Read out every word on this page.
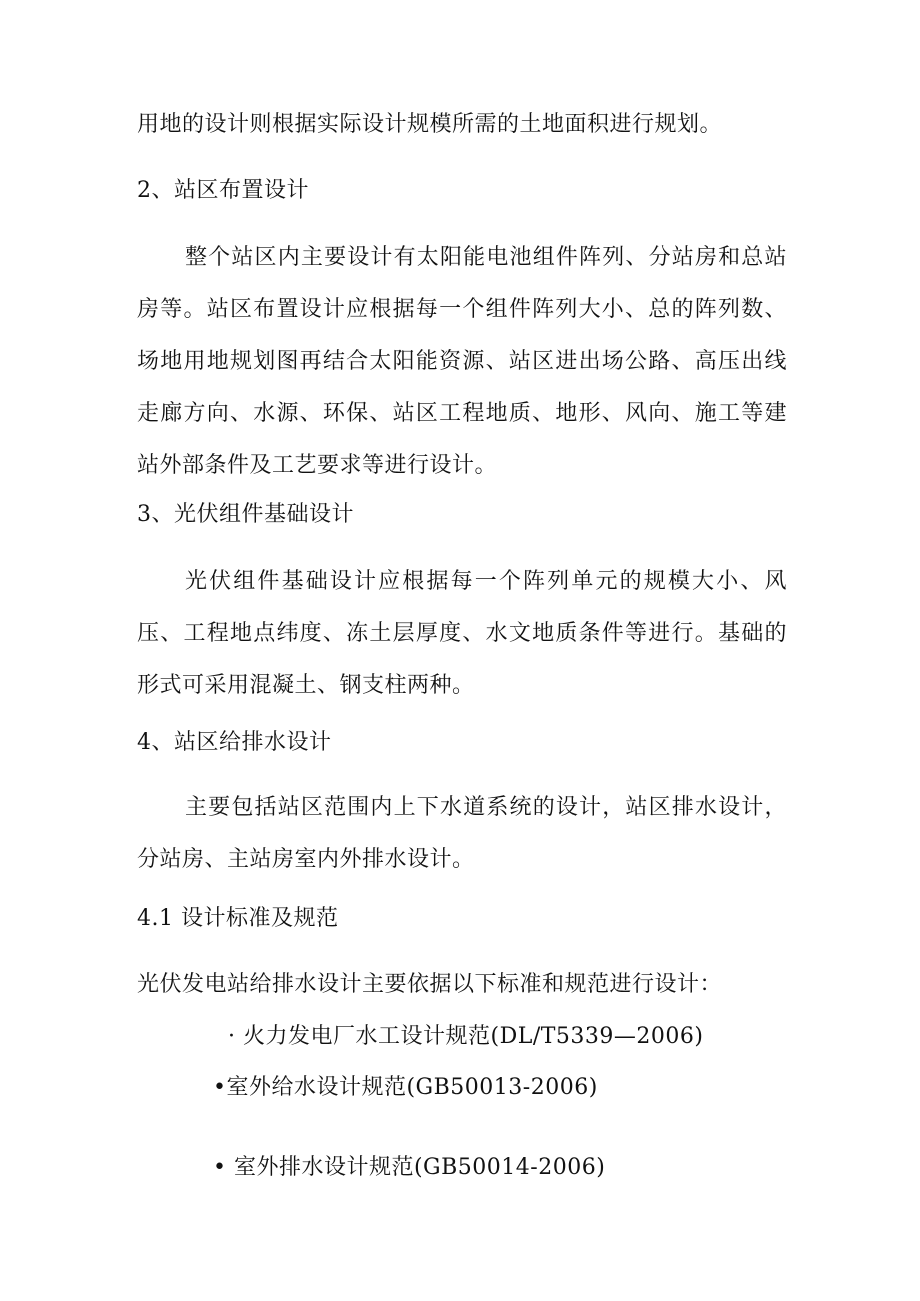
用地的设计则根据实际设计规模所需的土地面积进行规划。
2、站区布置设计
整个站区内主要设计有太阳能电池组件阵列、分站房和总站房等。站区布置设计应根据每一个组件阵列大小、总的阵列数、场地用地规划图再结合太阳能资源、站区进出场公路、高压出线走廊方向、水源、环保、站区工程地质、地形、风向、施工等建站外部条件及工艺要求等进行设计。
3、光伏组件基础设计
光伏组件基础设计应根据每一个阵列单元的规模大小、风压、工程地点纬度、冻土层厚度、水文地质条件等进行。基础的形式可采用混凝土、钢支柱两种。
4、站区给排水设计
主要包括站区范围内上下水道系统的设计，站区排水设计，分站房、主站房室内外排水设计。
4.1 设计标准及规范
光伏发电站给排水设计主要依据以下标准和规范进行设计：
· 火力发电厂水工设计规范(DL/T5339—2006)
•室外给水设计规范(GB50013-2006)
• 室外排水设计规范(GB50014-2006)
